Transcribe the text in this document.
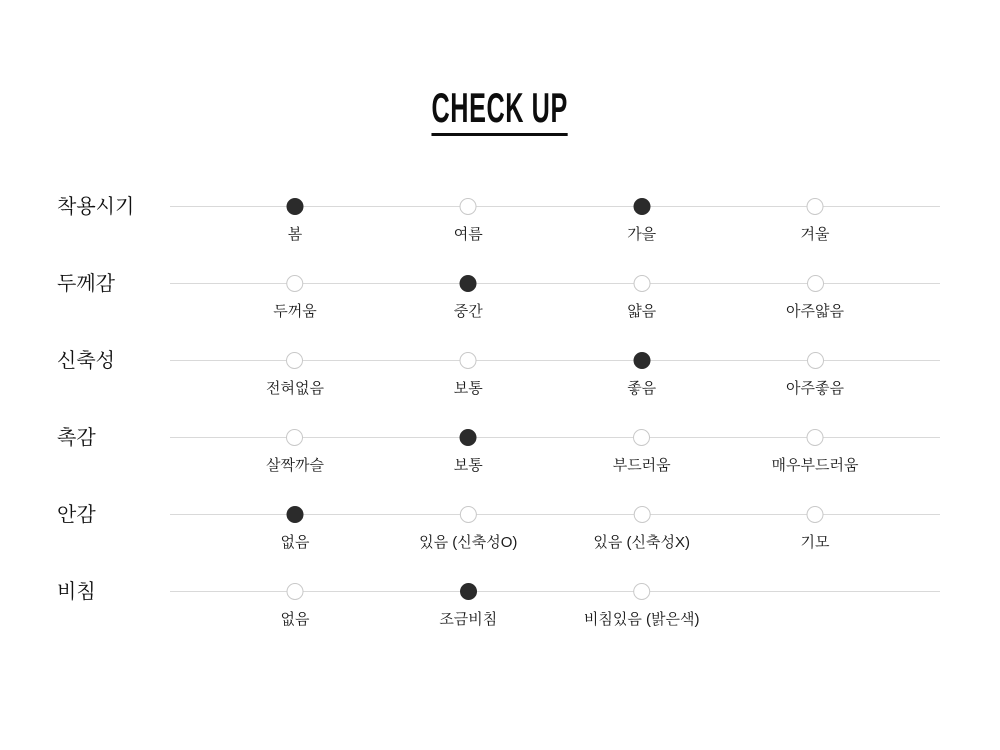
CHECK UP
착용시기
봄	여름	가을	겨울
두께감
두꺼움	중간	얇음	아주얇음
신축성
전혀없음	보통	좋음	아주좋음
촉감
살짝까슬	보통	부드러움	매우부드러움
안감
없음	있음 (신축성O)	있음 (신축성X)	기모
비침
없음	조금비침	비침있음 (밝은색)
